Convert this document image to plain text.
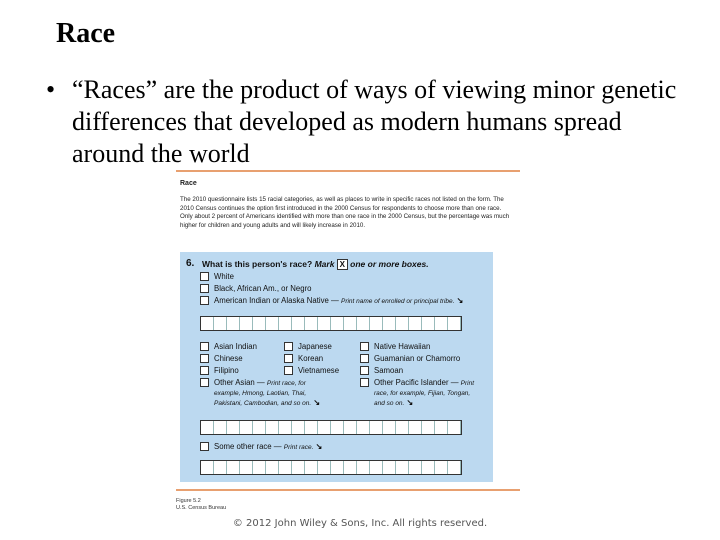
Race
• “Races” are the product of ways of viewing minor genetic differences that developed as modern humans spread around the world
Race
The 2010 questionnaire lists 15 racial categories, as well as places to write in specific races not listed on the form. The 2010 Census continues the option first introduced in the 2000 Census for respondents to choose more than one race. Only about 2 percent of Americans identified with more than one race in the 2000 Census, but the percentage was much higher for children and young adults and will likely increase in 2010.
6. What is this person's race? Mark X one or more boxes.
White
Black, African Am., or Negro
American Indian or Alaska Native — Print name of enrolled or principal tribe. ↘
Asian Indian	Japanese	Native Hawaiian
Chinese	Korean	Guamanian or Chamorro
Filipino	Vietnamese	Samoan
Other Asian — Print race, for
example, Hmong, Laotian, Thai,
Pakistani, Cambodian, and so on. ↘
Other Pacific Islander — Print
race, for example, Fijian, Tongan,
and so on. ↘
Some other race — Print race. ↘
Figure 5.2
U.S. Census Bureau
© 2012 John Wiley & Sons, Inc. All rights reserved.
